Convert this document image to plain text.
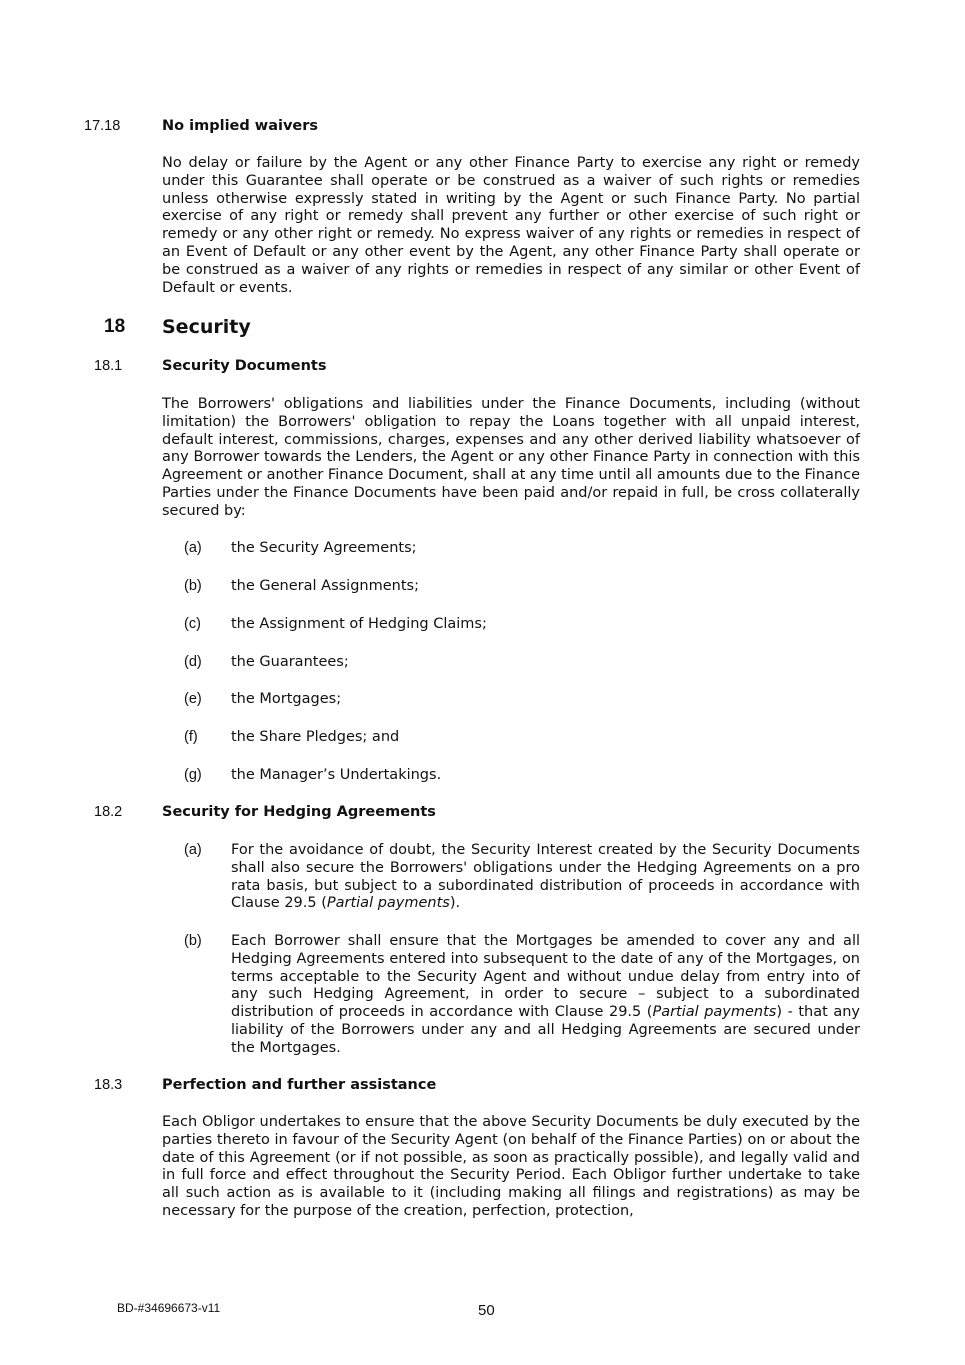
17.18	No implied waivers
No delay or failure by the Agent or any other Finance Party to exercise any right or remedy under this Guarantee shall operate or be construed as a waiver of such rights or remedies unless otherwise expressly stated in writing by the Agent or such Finance Party. No partial exercise of any right or remedy shall prevent any further or other exercise of such right or remedy or any other right or remedy. No express waiver of any rights or remedies in respect of an Event of Default or any other event by the Agent, any other Finance Party shall operate or be construed as a waiver of any rights or remedies in respect of any similar or other Event of Default or events.
18 Security
18.1	Security Documents
The Borrowers' obligations and liabilities under the Finance Documents, including (without limitation) the Borrowers' obligation to repay the Loans together with all unpaid interest, default interest, commissions, charges, expenses and any other derived liability whatsoever of any Borrower towards the Lenders, the Agent or any other Finance Party in connection with this Agreement or another Finance Document, shall at any time until all amounts due to the Finance Parties under the Finance Documents have been paid and/or repaid in full, be cross collaterally secured by:
(a) the Security Agreements;
(b) the General Assignments;
(c) the Assignment of Hedging Claims;
(d) the Guarantees;
(e) the Mortgages;
(f) the Share Pledges; and
(g) the Manager’s Undertakings.
18.2	Security for Hedging Agreements
(a) For the avoidance of doubt, the Security Interest created by the Security Documents shall also secure the Borrowers' obligations under the Hedging Agreements on a pro rata basis, but subject to a subordinated distribution of proceeds in accordance with Clause 29.5 (Partial payments).
(b) Each Borrower shall ensure that the Mortgages be amended to cover any and all Hedging Agreements entered into subsequent to the date of any of the Mortgages, on terms acceptable to the Security Agent and without undue delay from entry into of any such Hedging Agreement, in order to secure – subject to a subordinated distribution of proceeds in accordance with Clause 29.5 (Partial payments) - that any liability of the Borrowers under any and all Hedging Agreements are secured under the Mortgages.
18.3	Perfection and further assistance
Each Obligor undertakes to ensure that the above Security Documents be duly executed by the parties thereto in favour of the Security Agent (on behalf of the Finance Parties) on or about the date of this Agreement (or if not possible, as soon as practically possible), and legally valid and in full force and effect throughout the Security Period. Each Obligor further undertake to take all such action as is available to it (including making all filings and registrations) as may be necessary for the purpose of the creation, perfection, protection,
BD-#34696673-v11	50
